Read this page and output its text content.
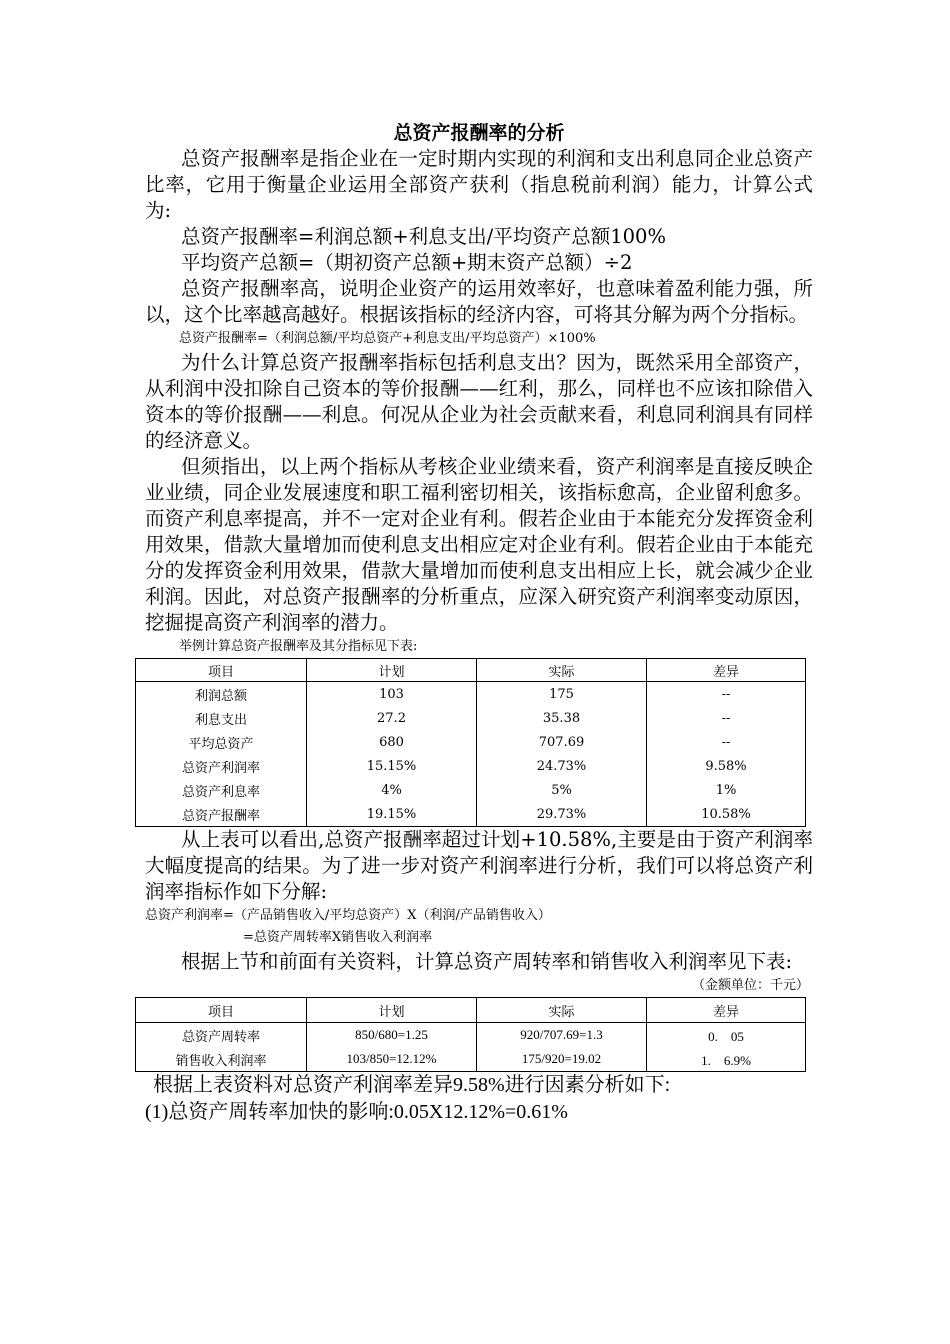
总资产报酬率的分析

总资产报酬率是指企业在一定时期内实现的利润和支出利息同企业总资产比率，它用于衡量企业运用全部资产获利（指息税前利润）能力，计算公式为:

总资产报酬率=利润总额+利息支出/平均资产总额100%

平均资产总额=（期初资产总额+期末资产总额）÷2

总资产报酬率高，说明企业资产的运用效率好，也意味着盈利能力强，所以，这个比率越高越好。根据该指标的经济内容，可将其分解为两个分指标。

总资产报酬率=（利润总额/平均总资产+利息支出/平均总资产）×100%

为什么计算总资产报酬率指标包括利息支出？因为，既然采用全部资产，从利润中没扣除自己资本的等价报酬——红利，那么，同样也不应该扣除借入资本的等价报酬——利息。何况从企业为社会贡献来看，利息同利润具有同样的经济意义。

但须指出，以上两个指标从考核企业业绩来看，资产利润率是直接反映企业业绩，同企业发展速度和职工福利密切相关，该指标愈高，企业留利愈多。而资产利息率提高，并不一定对企业有利。假若企业由于本能充分发挥资金利用效果，借款大量增加而使利息支出相应定对企业有利。假若企业由于本能充分的发挥资金利用效果，借款大量增加而使利息支出相应上长，就会减少企业利润。因此，对总资产报酬率的分析重点，应深入研究资产利润率变动原因，挖掘提高资产利润率的潜力。

举例计算总资产报酬率及其分指标见下表:

项目	计划	实际	差异
利润总额	103	175	--
利息支出	27.2	35.38	--
平均总资产	680	707.69	--
总资产利润率	15.15%	24.73%	9.58%
总资产利息率	4%	5%	1%
总资产报酬率	19.15%	29.73%	10.58%

从上表可以看出,总资产报酬率超过计划+10.58%,主要是由于资产利润率大幅度提高的结果。为了进一步对资产利润率进行分析，我们可以将总资产利润率指标作如下分解:

总资产利润率=（产品销售收入/平均总资产）X（利润/产品销售收入）

=总资产周转率X销售收入利润率

根据上节和前面有关资料，计算总资产周转率和销售收入利润率见下表:

（金额单位：千元）

项目	计划	实际	差异
总资产周转率	850/680=1.25	920/707.69=1.3	0.　05
销售收入利润率	103/850=12.12%	175/920=19.02	1.　6.9%

根据上表资料对总资产利润率差异9.58%进行因素分析如下:

(1)总资产周转率加快的影响:0.05X12.12%=0.61%
